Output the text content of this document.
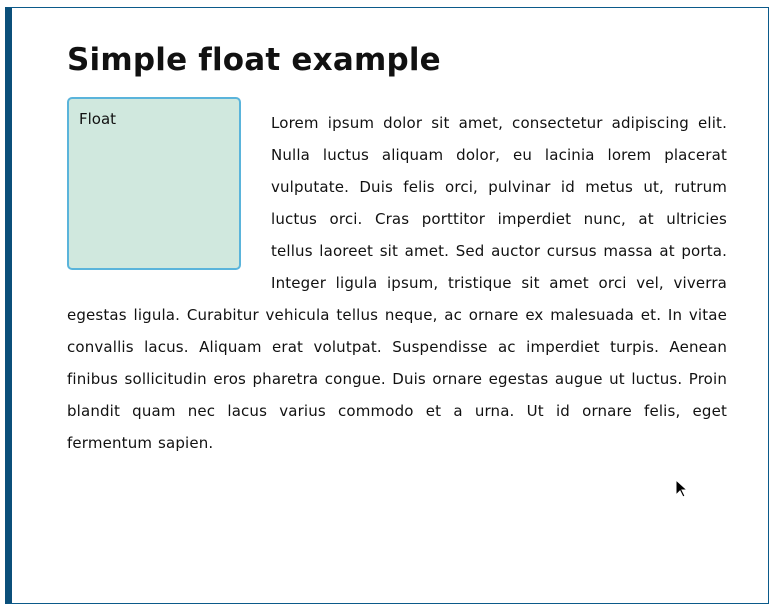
Simple float example
Float	Lorem ipsum dolor sit amet, consectetur adipiscing elit. Nulla luctus aliquam dolor, eu lacinia lorem placerat vulputate. Duis felis orci, pulvinar id metus ut, rutrum luctus orci. Cras porttitor imperdiet nunc, at ultricies tellus laoreet sit amet. Sed auctor cursus massa at porta. Integer ligula ipsum, tristique sit amet orci vel, viverra egestas ligula. Curabitur vehicula tellus neque, ac ornare ex malesuada et. In vitae convallis lacus. Aliquam erat volutpat. Suspendisse ac imperdiet turpis. Aenean finibus sollicitudin eros pharetra congue. Duis ornare egestas augue ut luctus. Proin blandit quam nec lacus varius commodo et a urna. Ut id ornare felis, eget fermentum sapien.
